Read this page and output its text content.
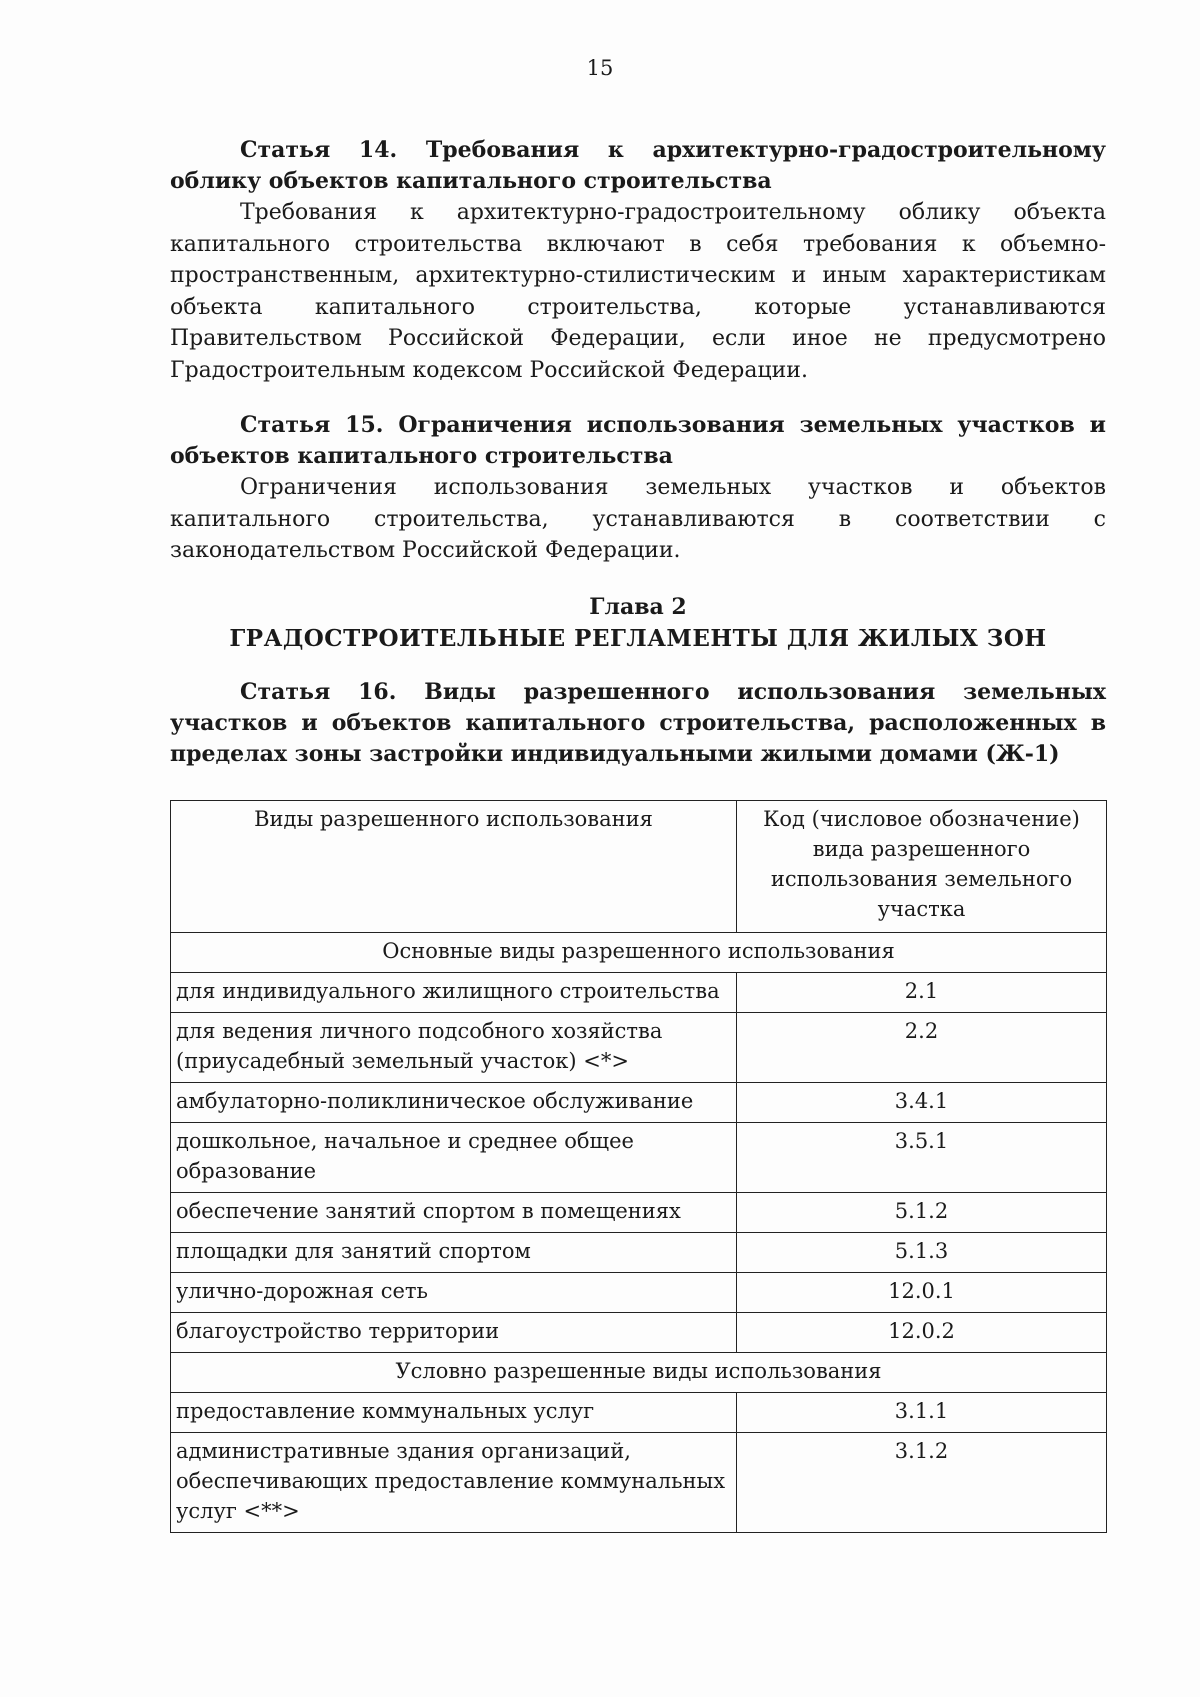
15

Статья 14. Требования к архитектурно-градостроительному облику объектов капитального строительства

Требования к архитектурно-градостроительному облику объекта капитального строительства включают в себя требования к объемно-пространственным, архитектурно-стилистическим и иным характеристикам объекта капитального строительства, которые устанавливаются Правительством Российской Федерации, если иное не предусмотрено Градостроительным кодексом Российской Федерации.

Статья 15. Ограничения использования земельных участков и объектов капитального строительства

Ограничения использования земельных участков и объектов капитального строительства, устанавливаются в соответствии с законодательством Российской Федерации.

Глава 2
ГРАДОСТРОИТЕЛЬНЫЕ РЕГЛАМЕНТЫ ДЛЯ ЖИЛЫХ ЗОН

Статья 16. Виды разрешенного использования земельных участков и объектов капитального строительства, расположенных в пределах зоны застройки индивидуальными жилыми домами (Ж-1)

Виды разрешенного использования	Код (числовое обозначение) вида разрешенного использования земельного участка
Основные виды разрешенного использования	
для индивидуального жилищного строительства	2.1
для ведения личного подсобного хозяйства (приусадебный земельный участок) <*>	2.2
амбулаторно-поликлиническое обслуживание	3.4.1
дошкольное, начальное и среднее общее образование	3.5.1
обеспечение занятий спортом в помещениях	5.1.2
площадки для занятий спортом	5.1.3
улично-дорожная сеть	12.0.1
благоустройство территории	12.0.2
Условно разрешенные виды использования	
предоставление коммунальных услуг	3.1.1
административные здания организаций, обеспечивающих предоставление коммунальных услуг <**>	3.1.2
